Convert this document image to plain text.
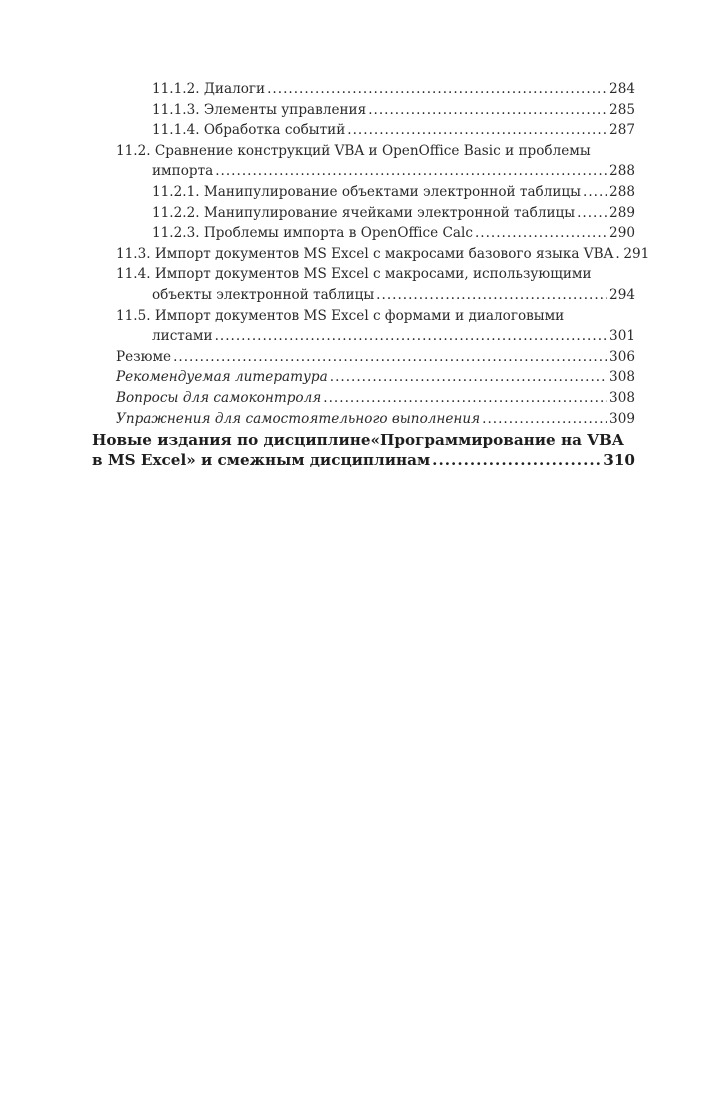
11.1.2. Диалоги .....	284
11.1.3. Элементы управления .....	285
11.1.4. Обработка событий .....	287
11.2. Сравнение конструкций VBA и OpenOffice Basic и проблемы
импорта .....	288
11.2.1. Манипулирование объектами электронной таблицы ..... 288
11.2.2. Манипулирование ячейками электронной таблицы ..... 289
11.2.3. Проблемы импорта в OpenOffice Calc .....	290
11.3. Импорт документов MS Excel с макросами базового языка VBA ..... 291
11.4. Импорт документов MS Excel с макросами, использующими
объекты электронной таблицы .....	294
11.5. Импорт документов MS Excel с формами и диалоговыми
листами .....	301
Резюме .....	306
Рекомендуемая литература .....	308
Вопросы для самоконтроля .....	308
Упражнения для самостоятельного выполнения .....	309
Новые издания по дисциплине«Программирование на VBA
в MS Excel» и смежным дисциплинам .....	310
